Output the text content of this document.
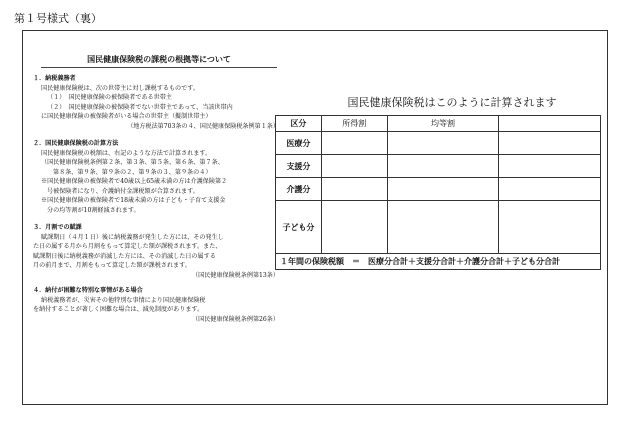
第１号様式（裏）
国民健康保険税の課税の根拠等について
１．納税義務者
国民健康保険税は、次の世帯主に対し課税するものです。
（１）　国民健康保険の被保険者である世帯主
（２）　国民健康保険の被保険者でない世帯主であって、当該世帯内
に国民健康保険の被保険者がいる場合の世帯主（擬制世帯主）
（地方税法第703条の４、国民健康保険税条例第１条）
２．国民健康保険税の計算方法
国民健康保険税の税額は、右記のような方法で計算されます。
（国民健康保険税条例第２条、第３条、第５条、第６条、第７条、
第８条、第９条、第９条の２、第９条の３、第９条の４）
※国民健康保険の被保険者で40歳以上65歳未満の方は介護保険第２
号被保険者になり、介護納付金課税額が合算されます。
※国民健康保険の被保険者で18歳未満の方は子ども・子育て支援金
分の均等割が10割軽減されます。
３．月割での賦課
賦課期日（４月１日）後に納税義務が発生した方には、その発生し
た日の属する月から月割をもって算定した額が課税されます。また、
賦課期日後に納税義務が消滅した方には、その消滅した日の属する
月の前月まで、月割をもって算定した額が課税されます。
（国民健康保険税条例第13条）
４．納付が困難な特別な事情がある場合
納税義務者が、災害その他特別な事情により国民健康保険税
を納付することが著しく困難な場合は、減免制度があります。
（国民健康保険税条例第26条）
国民健康保険税はこのように計算されます
区分	所得割	均等割	
医療分			
支援分			
介護分			
子ども分			
１年間の保険税額　＝　医療分合計＋支援分合計＋介護分合計＋子ども分合計			
